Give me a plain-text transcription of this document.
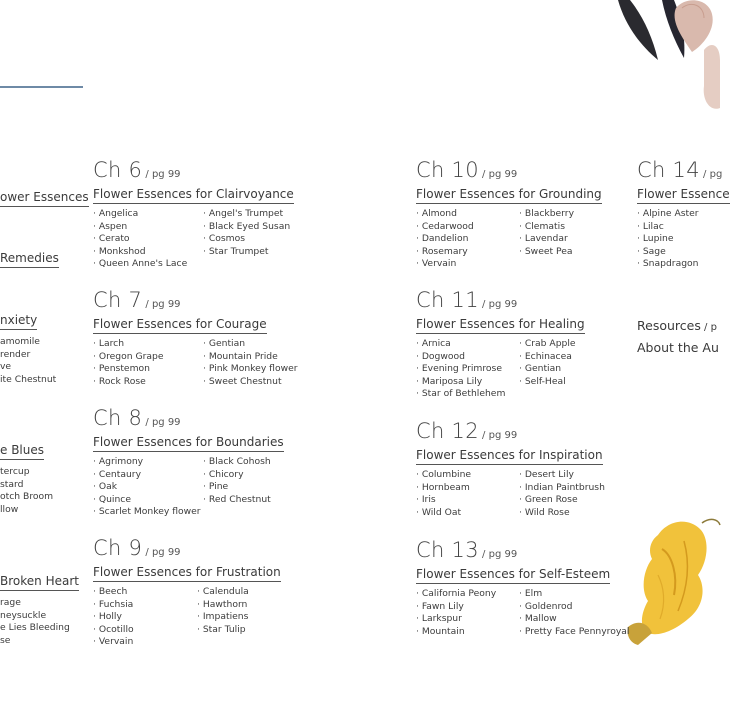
ower Essences
Remedies
nxiety
amomile
render
ve
ite Chestnut
e Blues
tercup
stard
otch Broom
llow
Broken Heart
rage
neysuckle
e Lies Bleeding
se
Ch 6 / pg 99
Flower Essences for Clairvoyance
· Angelica
· Aspen
· Cerato
· Monkshod
· Queen Anne's Lace
· Angel's Trumpet
· Black Eyed Susan
· Cosmos
· Star Trumpet
Ch 7 / pg 99
Flower Essences for Courage
· Larch
· Oregon Grape
· Penstemon
· Rock Rose
· Gentian
· Mountain Pride
· Pink Monkey flower
· Sweet Chestnut
Ch 8 / pg 99
Flower Essences for Boundaries
· Agrimony
· Centaury
· Oak
· Quince
· Scarlet Monkey flower
· Black Cohosh
· Chicory
· Pine
· Red Chestnut
Ch 9 / pg 99
Flower Essences for Frustration
· Beech
· Fuchsia
· Holly
· Ocotillo
· Vervain
· Calendula
· Hawthorn
· Impatiens
· Star Tulip
Ch 10 / pg 99
Flower Essences for Grounding
· Almond
· Cedarwood
· Dandelion
· Rosemary
· Vervain
· Blackberry
· Clematis
· Lavendar
· Sweet Pea
Ch 11 / pg 99
Flower Essences for Healing
· Arnica
· Dogwood
· Evening Primrose
· Mariposa Lily
· Star of Bethlehem
· Crab Apple
· Echinacea
· Gentian
· Self-Heal
Ch 12 / pg 99
Flower Essences for Inspiration
· Columbine
· Hornbeam
· Iris
· Wild Oat
· Desert Lily
· Indian Paintbrush
· Green Rose
· Wild Rose
Ch 13 / pg 99
Flower Essences for Self-Esteem
· California Peony
· Fawn Lily
· Larkspur
· Mountain
· Elm
· Goldenrod
· Mallow
· Pretty Face Pennyroyal
Ch 14 / pg
Flower Essence
· Alpine Aster
· Lilac
· Lupine
· Sage
· Snapdragon
Resources / p
About the Au
